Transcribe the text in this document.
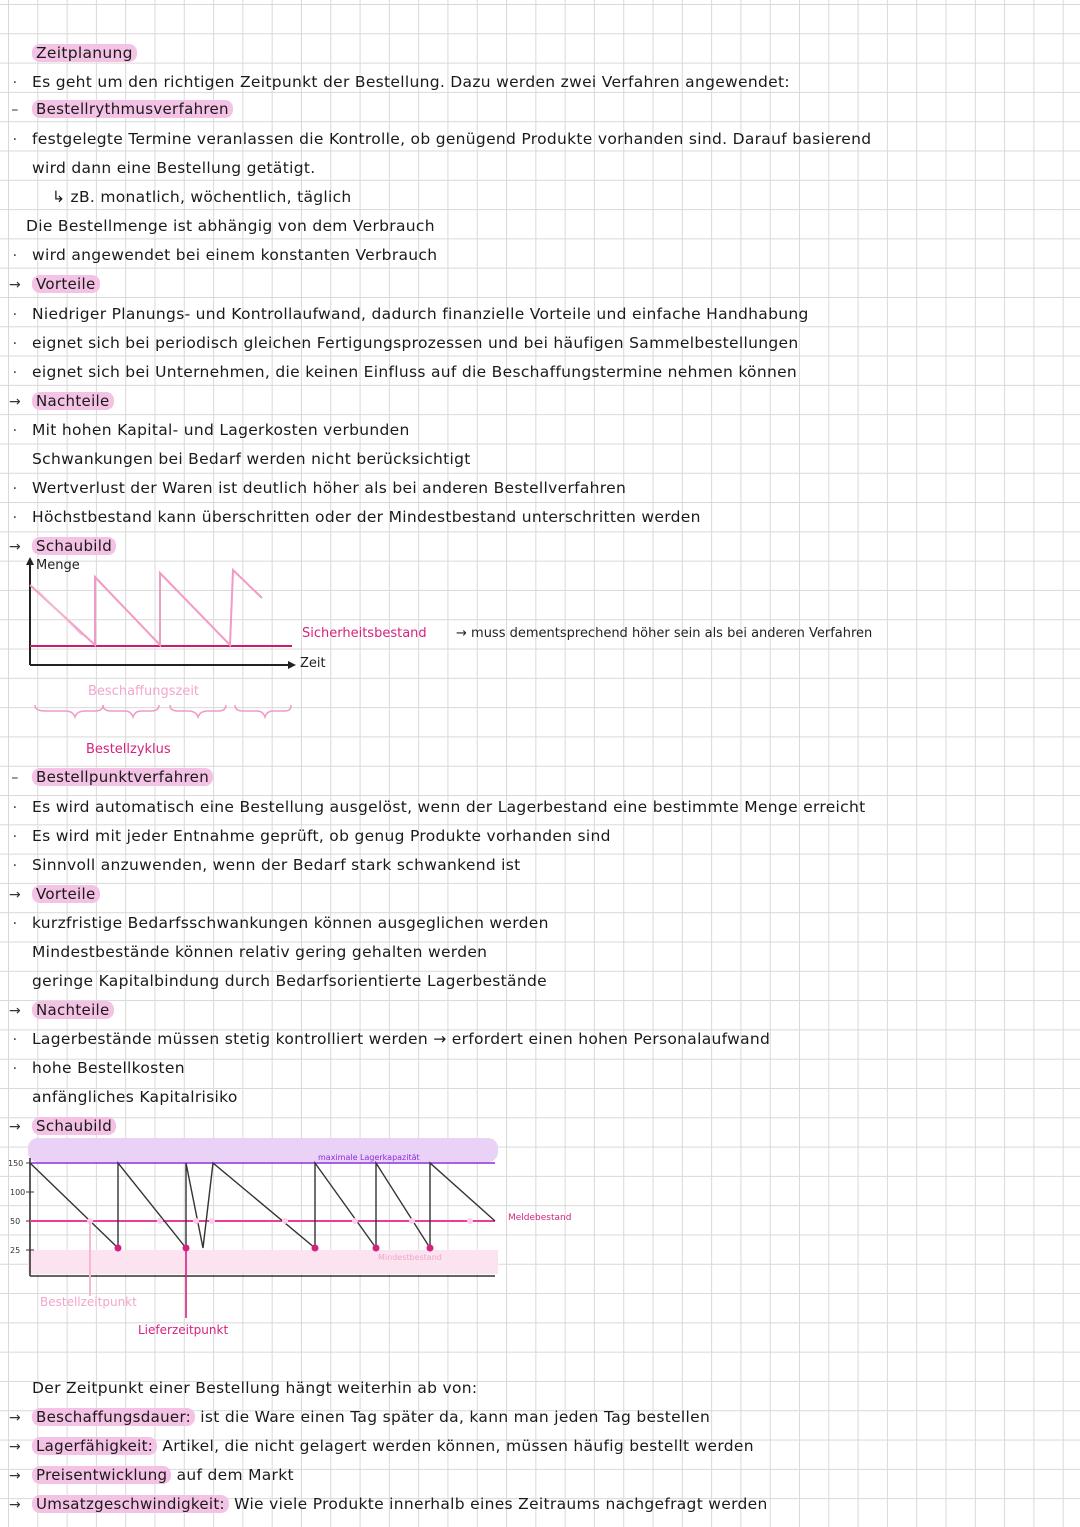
Zeitplanung
· Es geht um den richtigen Zeitpunkt der Bestellung. Dazu werden zwei Verfahren angewendet:
– Bestellrythmusverfahren
· festgelegte Termine veranlassen die Kontrolle, ob genügend Produkte vorhanden sind. Darauf basierend
wird dann eine Bestellung getätigt.
↳ zB. monatlich, wöchentlich, täglich
Die Bestellmenge ist abhängig von dem Verbrauch
· wird angewendet bei einem konstanten Verbrauch
→ Vorteile
· Niedriger Planungs- und Kontrollaufwand, dadurch finanzielle Vorteile und einfache Handhabung
· eignet sich bei periodisch gleichen Fertigungsprozessen und bei häufigen Sammelbestellungen
· eignet sich bei Unternehmen, die keinen Einfluss auf die Beschaffungstermine nehmen können
→ Nachteile
· Mit hohen Kapital- und Lagerkosten verbunden
Schwankungen bei Bedarf werden nicht berücksichtigt
· Wertverlust der Waren ist deutlich höher als bei anderen Bestellverfahren
· Höchstbestand kann überschritten oder der Mindestbestand unterschritten werden
→ Schaubild
Menge
Zeit
Sicherheitsbestand → muss dementsprechend höher sein als bei anderen Verfahren
Beschaffungszeit
Bestellzyklus
– Bestellpunktverfahren
· Es wird automatisch eine Bestellung ausgelöst, wenn der Lagerbestand eine bestimmte Menge erreicht
· Es wird mit jeder Entnahme geprüft, ob genug Produkte vorhanden sind
· Sinnvoll anzuwenden, wenn der Bedarf stark schwankend ist
→ Vorteile
· kurzfristige Bedarfsschwankungen können ausgeglichen werden
Mindestbestände können relativ gering gehalten werden
geringe Kapitalbindung durch Bedarfsorientierte Lagerbestände
→ Nachteile
· Lagerbestände müssen stetig kontrolliert werden → erfordert einen hohen Personalaufwand
· hohe Bestellkosten
anfängliches Kapitalrisiko
→ Schaubild
150
100
50
25
maximale Lagerkapazität
Meldebestand
Mindestbestand
Bestellzeitpunkt
Lieferzeitpunkt
Der Zeitpunkt einer Bestellung hängt weiterhin ab von:
→ Beschaffungsdauer: ist die Ware einen Tag später da, kann man jeden Tag bestellen
→ Lagerfähigkeit: Artikel, die nicht gelagert werden können, müssen häufig bestellt werden
→ Preisentwicklung auf dem Markt
→ Umsatzgeschwindigkeit: Wie viele Produkte innerhalb eines Zeitraums nachgefragt werden
